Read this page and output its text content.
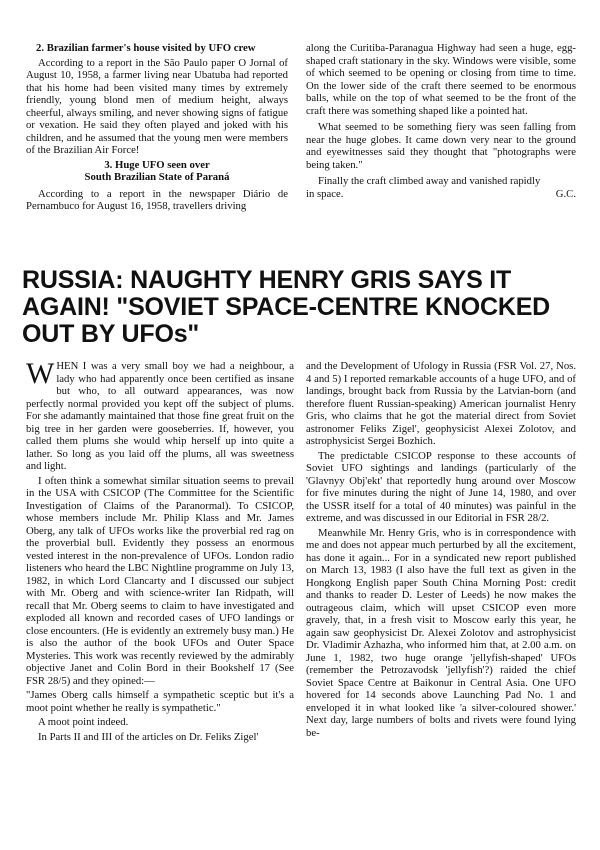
2. Brazilian farmer's house visited by UFO crew

According to a report in the São Paulo paper O Jornal of August 10, 1958, a farmer living near Ubatuba had reported that his home had been visited many times by extremely friendly, young blond men of medium height, always cheerful, always smiling, and never showing signs of fatigue or vexation. He said they often played and joked with his children, and he assumed that the young men were members of the Brazilian Air Force!

3. Huge UFO seen over
South Brazilian State of Paraná

According to a report in the newspaper Diário de Pernambuco for August 16, 1958, travellers driving

along the Curitiba-Paranagua Highway had seen a huge, egg-shaped craft stationary in the sky. Windows were visible, some of which seemed to be opening or closing from time to time. On the lower side of the craft there seemed to be enormous balls, while on the top of what seemed to be the front of the craft there was something shaped like a pointed hat.

What seemed to be something fiery was seen falling from near the huge globes. It came down very near to the ground and eyewitnesses said they thought that "photographs were being taken."

Finally the craft climbed away and vanished rapidly

in space.	G.C.

RUSSIA: NAUGHTY HENRY GRIS SAYS IT AGAIN! "SOVIET SPACE-CENTRE KNOCKED OUT BY UFOs"

WHEN I was a very small boy we had a neighbour, a lady who had apparently once been certified as insane but who, to all outward appearances, was now perfectly normal provided you kept off the subject of plums. For she adamantly maintained that those fine great fruit on the big tree in her garden were gooseberries. If, however, you called them plums she would whip herself up into quite a lather. So long as you laid off the plums, all was sweetness and light.

I often think a somewhat similar situation seems to prevail in the USA with CSICOP (The Committee for the Scientific Investigation of Claims of the Paranormal). To CSICOP, whose members include Mr. Philip Klass and Mr. James Oberg, any talk of UFOs works like the proverbial red rag on the proverbial bull. Evidently they possess an enormous vested interest in the non-prevalence of UFOs. London radio listeners who heard the LBC Nightline programme on July 13, 1982, in which Lord Clancarty and I discussed our subject with Mr. Oberg and with science-writer Ian Ridpath, will recall that Mr. Oberg seems to claim to have investigated and exploded all known and recorded cases of UFO landings or close encounters. (He is evidently an extremely busy man.) He is also the author of the book UFOs and Outer Space Mysteries. This work was recently reviewed by the admirably objective Janet and Colin Bord in their Bookshelf 17 (See FSR 28/5) and they opined:—

"James Oberg calls himself a sympathetic sceptic but it's a moot point whether he really is sympathetic."

A moot point indeed.

In Parts II and III of the articles on Dr. Feliks Zigel'

and the Development of Ufology in Russia (FSR Vol. 27, Nos. 4 and 5) I reported remarkable accounts of a huge UFO, and of landings, brought back from Russia by the Latvian-born (and therefore fluent Russian-speaking) American journalist Henry Gris, who claims that he got the material direct from Soviet astronomer Feliks Zigel', geophysicist Alexei Zolotov, and astrophysicist Sergei Bozhich.

The predictable CSICOP response to these accounts of Soviet UFO sightings and landings (particularly of the 'Glavnyy Obj'ekt' that reportedly hung around over Moscow for five minutes during the night of June 14, 1980, and over the USSR itself for a total of 40 minutes) was painful in the extreme, and was discussed in our Editorial in FSR 28/2.

Meanwhile Mr. Henry Gris, who is in correspondence with me and does not appear much perturbed by all the excitement, has done it again... For in a syndicated new report published on March 13, 1983 (I also have the full text as given in the Hongkong English paper South China Morning Post: credit and thanks to reader D. Lester of Leeds) he now makes the outrageous claim, which will upset CSICOP even more gravely, that, in a fresh visit to Moscow early this year, he again saw geophysicist Dr. Alexei Zolotov and astrophysicist Dr. Vladimir Azhazha, who informed him that, at 2.00 a.m. on June 1, 1982, two huge orange 'jellyfish-shaped' UFOs (remember the Petrozavodsk 'jellyfish'?) raided the chief Soviet Space Centre at Baikonur in Central Asia. One UFO hovered for 14 seconds above Launching Pad No. 1 and enveloped it in what looked like 'a silver-coloured shower.' Next day, large numbers of bolts and rivets were found lying be-
